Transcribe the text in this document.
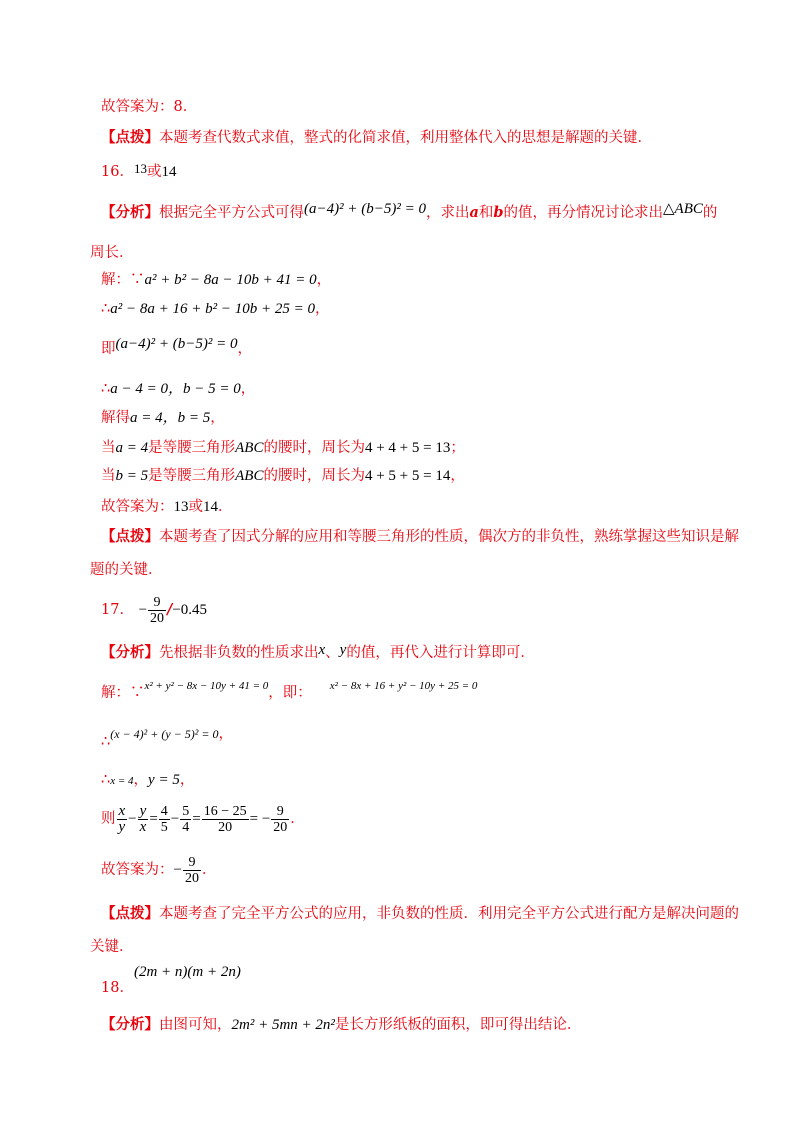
故答案为：8．
【点拨】本题考查代数式求值，整式的化简求值，利用整体代入的思想是解题的关键．
16．13或14
【分析】根据完全平方公式可得(a−4)² + (b−5)² = 0，求出a和b的值，再分情况讨论求出△ABC的
周长．
解：∵a² + b² − 8a − 10b + 41 = 0，
∴a² − 8a + 16 + b² − 10b + 25 = 0，
即(a−4)² + (b−5)² = 0，
∴a − 4 = 0，b − 5 = 0，
解得a = 4，b = 5，
当a = 4是等腰三角形ABC的腰时，周长为4 + 4 + 5 = 13；
当b = 5是等腰三角形ABC的腰时，周长为4 + 5 + 5 = 14，
故答案为：13或14．
【点拨】本题考查了因式分解的应用和等腰三角形的性质，偶次方的非负性，熟练掌握这些知识是解
题的关键．
17． − $\frac{9}{20} /-0.45$
【分析】先根据非负数的性质求出x、y的值，再代入进行计算即可．
解：∵x² + y² − 8x − 10y + 41 = 0，即： x² − 8x + 16 + y² − 10y + 25 = 0
∴(x − 4)² + (y − 5)² = 0，
∴x = 4，y = 5，
则 $\frac{x}{y} - \frac{y}{x} = \frac{4}{5} - \frac{5}{4} = \frac{16 - 25}{20}$ = − $\frac{9}{20}$ ．
故答案为：− $\frac{9}{20}$ ．
【点拨】本题考查了完全平方公式的应用，非负数的性质．利用完全平方公式进行配方是解决问题的
关键．
18．(2m + n)(m + 2n)
【分析】由图可知，2m² + 5mn + 2n²是长方形纸板的面积，即可得出结论．
